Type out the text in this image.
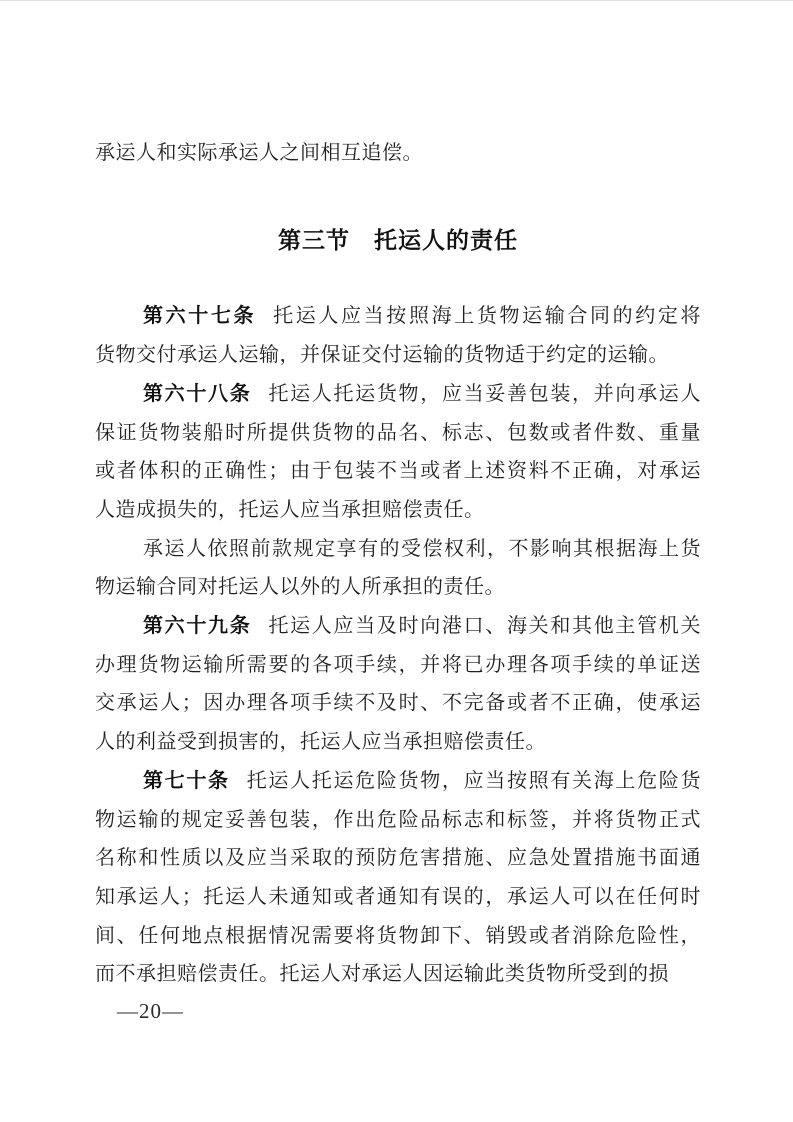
承运人和实际承运人之间相互追偿。

第三节　托运人的责任

第六十七条 托运人应当按照海上货物运输合同的约定将

货物交付承运人运输，并保证交付运输的货物适于约定的运输。

第六十八条 托运人托运货物，应当妥善包装，并向承运人

保证货物装船时所提供货物的品名、标志、包数或者件数、重量

或者体积的正确性；由于包装不当或者上述资料不正确，对承运

人造成损失的，托运人应当承担赔偿责任。

承运人依照前款规定享有的受偿权利，不影响其根据海上货

物运输合同对托运人以外的人所承担的责任。

第六十九条 托运人应当及时向港口、海关和其他主管机关

办理货物运输所需要的各项手续，并将已办理各项手续的单证送

交承运人；因办理各项手续不及时、不完备或者不正确，使承运

人的利益受到损害的，托运人应当承担赔偿责任。

第七十条 托运人托运危险货物，应当按照有关海上危险货

物运输的规定妥善包装，作出危险品标志和标签，并将货物正式

名称和性质以及应当采取的预防危害措施、应急处置措施书面通

知承运人；托运人未通知或者通知有误的，承运人可以在任何时

间、任何地点根据情况需要将货物卸下、销毁或者消除危险性，

而不承担赔偿责任。托运人对承运人因运输此类货物所受到的损

—20—
